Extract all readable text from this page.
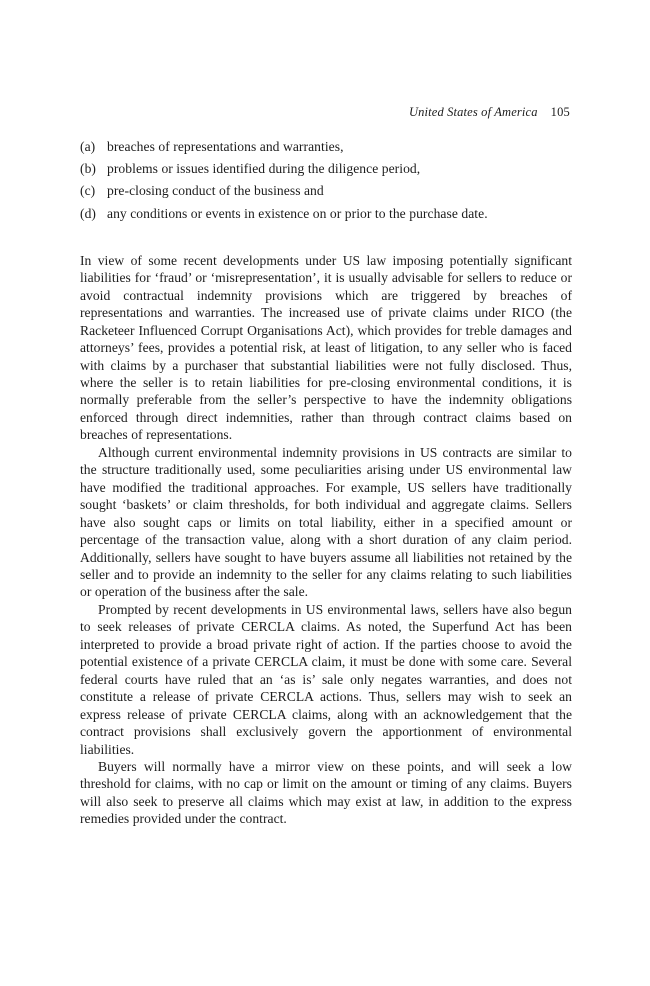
United States of America 105
(a) breaches of representations and warranties,
(b) problems or issues identified during the diligence period,
(c) pre-closing conduct of the business and
(d) any conditions or events in existence on or prior to the purchase date.

In view of some recent developments under US law imposing potentially significant liabilities for ‘fraud’ or ‘misrepresentation’, it is usually advisable for sellers to reduce or avoid contractual indemnity provisions which are triggered by breaches of representations and warranties. The increased use of private claims under RICO (the Racketeer Influenced Corrupt Organisations Act), which provides for treble damages and attorneys’ fees, provides a potential risk, at least of litigation, to any seller who is faced with claims by a purchaser that substantial liabilities were not fully disclosed. Thus, where the seller is to retain liabilities for pre-closing environmental conditions, it is normally preferable from the seller’s perspective to have the indemnity obligations enforced through direct indemnities, rather than through contract claims based on breaches of representations.

Although current environmental indemnity provisions in US contracts are similar to the structure traditionally used, some peculiarities arising under US environmental law have modified the traditional approaches. For example, US sellers have traditionally sought ‘baskets’ or claim thresholds, for both individual and aggregate claims. Sellers have also sought caps or limits on total liability, either in a specified amount or percentage of the transaction value, along with a short duration of any claim period. Additionally, sellers have sought to have buyers assume all liabilities not retained by the seller and to provide an indemnity to the seller for any claims relating to such liabilities or operation of the business after the sale.

Prompted by recent developments in US environmental laws, sellers have also begun to seek releases of private CERCLA claims. As noted, the Superfund Act has been interpreted to provide a broad private right of action. If the parties choose to avoid the potential existence of a private CERCLA claim, it must be done with some care. Several federal courts have ruled that an ‘as is’ sale only negates warranties, and does not constitute a release of private CERCLA actions. Thus, sellers may wish to seek an express release of private CERCLA claims, along with an acknowledgement that the contract provisions shall exclusively govern the apportionment of environmental liabilities.

Buyers will normally have a mirror view on these points, and will seek a low threshold for claims, with no cap or limit on the amount or timing of any claims. Buyers will also seek to preserve all claims which may exist at law, in addition to the express remedies provided under the contract.
